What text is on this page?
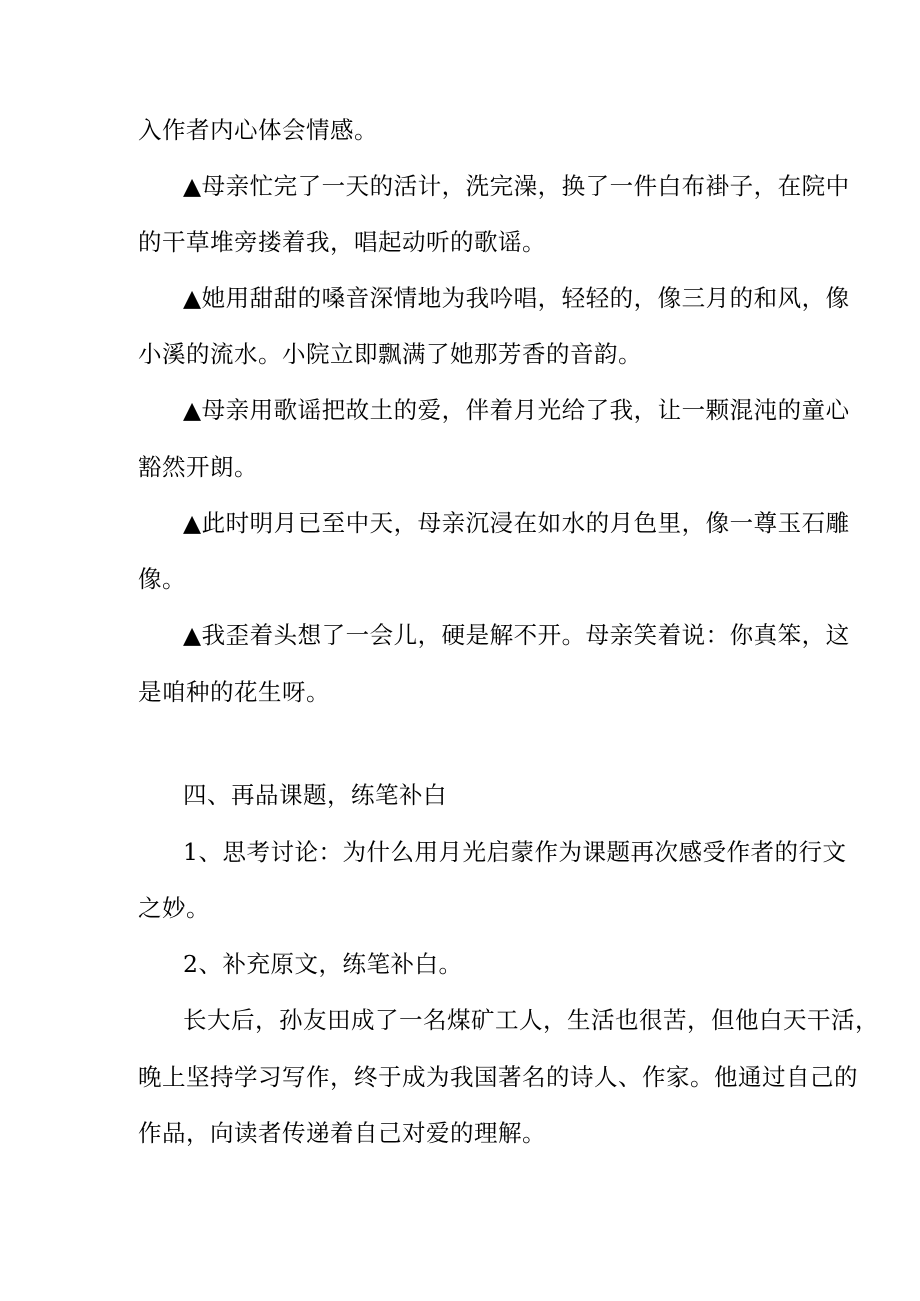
入作者内心体会情感。
▲母亲忙完了一天的活计，洗完澡，换了一件白布褂子，在院中
的干草堆旁搂着我，唱起动听的歌谣。
▲她用甜甜的嗓音深情地为我吟唱，轻轻的，像三月的和风，像
小溪的流水。小院立即飘满了她那芳香的音韵。
▲母亲用歌谣把故土的爱，伴着月光给了我，让一颗混沌的童心
豁然开朗。
▲此时明月已至中天，母亲沉浸在如水的月色里，像一尊玉石雕
像。
▲我歪着头想了一会儿，硬是解不开。母亲笑着说：你真笨，这
是咱种的花生呀。
四、再品课题，练笔补白
1、思考讨论：为什么用月光启蒙作为课题再次感受作者的行文
之妙。
2、补充原文，练笔补白。
长大后，孙友田成了一名煤矿工人，生活也很苦，但他白天干活，
晚上坚持学习写作，终于成为我国著名的诗人、作家。他通过自己的
作品，向读者传递着自己对爱的理解。
